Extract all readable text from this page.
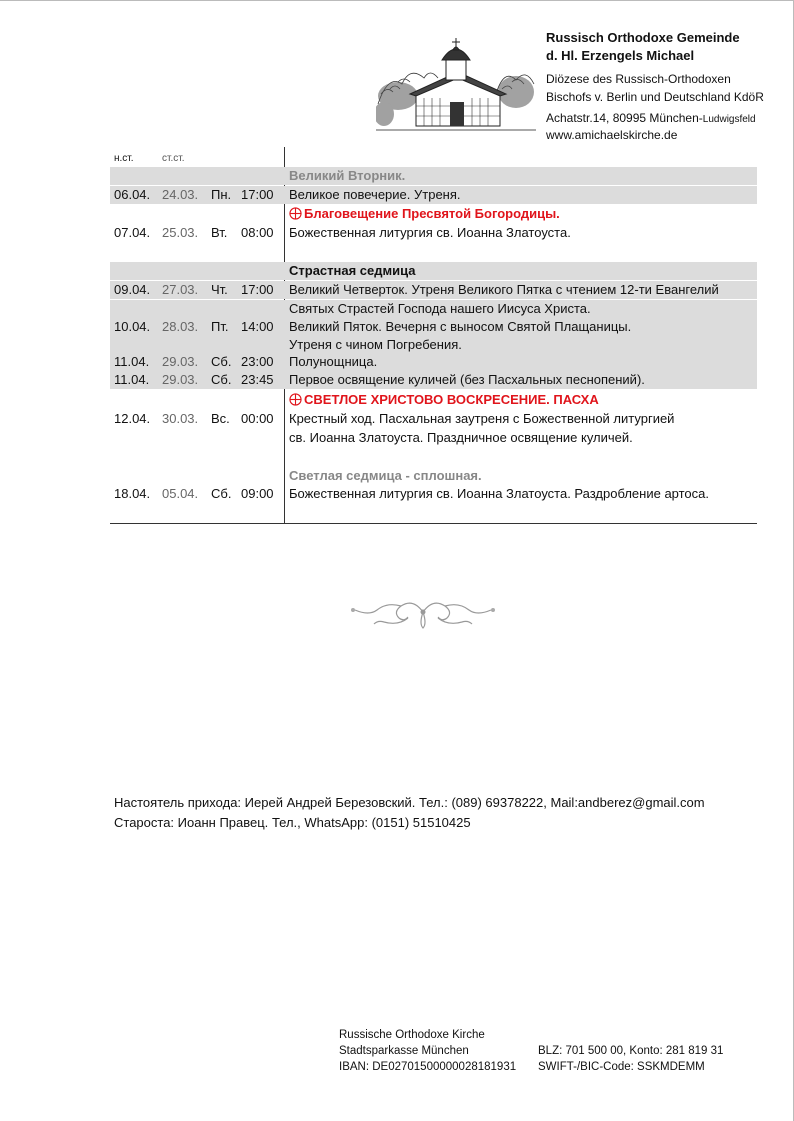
Russisch Orthodoxe Gemeinde
d. Hl. Erzengels Michael
Diözese des Russisch-Orthodoxen
Bischofs v. Berlin und Deutschland KdöR
Achatstr.14, 80995 München-Ludwigsfeld
www.amichaelskirche.de
н.ст.	ст.ст.
Великий Вторник.
06.04. 24.03. Пн. 17:00 Великое повечерие. Утреня.
Благовещение Пресвятой Богородицы.
07.04. 25.03. Вт. 08:00 Божественная литургия св. Иоанна Златоуста.
Страстная седмица
09.04. 27.03. Чт. 17:00 Великий Четверток. Утреня Великого Пятка с чтением 12-ти Евангелий
Святых Страстей Господа нашего Иисуса Христа.
10.04. 28.03. Пт. 14:00 Великий Пяток. Вечерня с выносом Святой Плащаницы.
Утреня с чином Погребения.
11.04. 29.03. Сб. 23:00 Полунощница.
11.04. 29.03. Сб. 23:45 Первое освящение куличей (без Пасхальных песнопений).
СВЕТЛОЕ ХРИСТОВО ВОСКРЕСЕНИЕ. ПАСХА
12.04. 30.03. Вс. 00:00 Крестный ход. Пасхальная заутреня с Божественной литургией
св. Иоанна Златоуста. Праздничное освящение куличей.
Светлая седмица - сплошная.
18.04. 05.04. Сб. 09:00 Божественная литургия св. Иоанна Златоуста. Раздробление артоса.
Настоятель прихода: Иерей Андрей Березовский. Тел.: (089) 69378222, Mail:andberez@gmail.com
Староста: Иоанн Правец. Тел., WhatsApp: (0151) 51510425
Russische Orthodoxe Kirche
Stadtsparkasse München
IBAN: DE02701500000028181931
BLZ: 701 500 00, Konto: 281 819 31
SWIFT-/BIC-Code: SSKMDEMM
